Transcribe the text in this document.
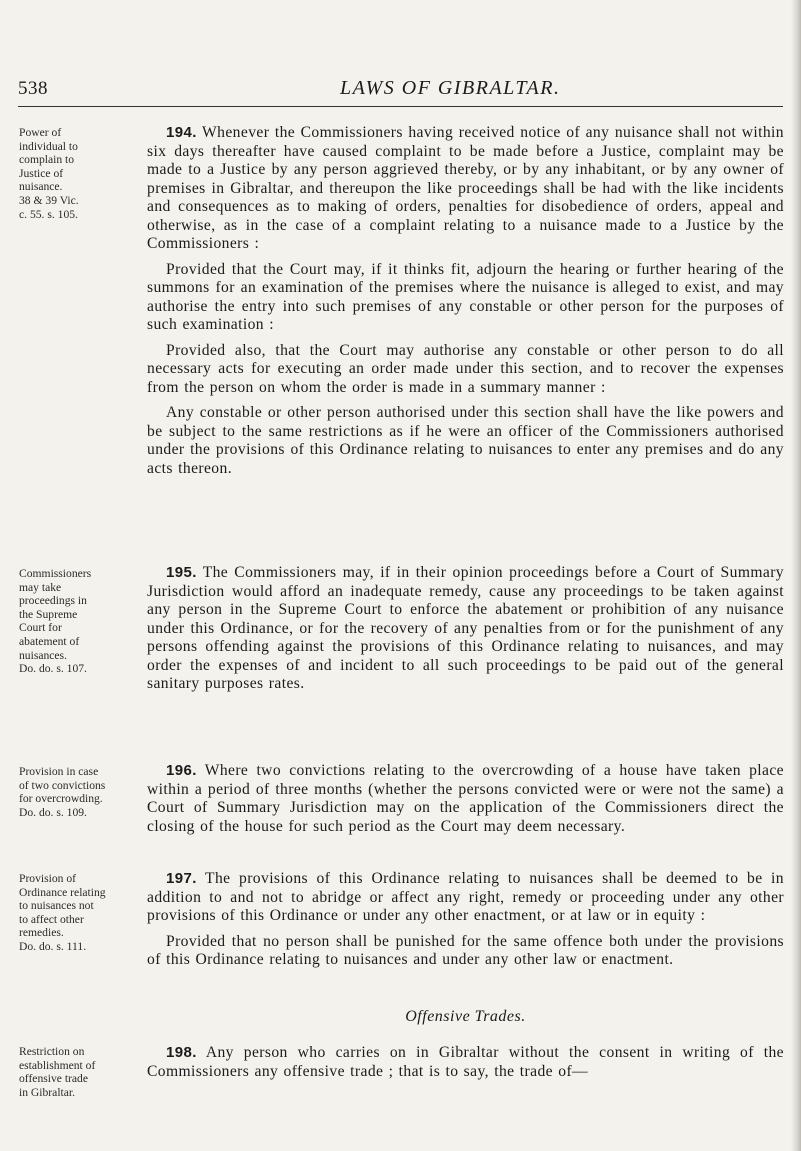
538	LAWS OF GIBRALTAR.
Power of
individual to
complain to
Justice of
nuisance.
38 & 39 Vic.
c. 55. s. 105.
Commissioners
may take
proceedings in
the Supreme
Court for
abatement of
nuisances.
Do. do. s. 107.
Provision in case
of two convictions
for overcrowding.
Do. do. s. 109.
Provision of
Ordinance relating
to nuisances not
to affect other
remedies.
Do. do. s. 111.
Restriction on
establishment of
offensive trade
in Gibraltar.

194. Whenever the Commissioners having received notice of any nuisance shall not within six days thereafter have caused complaint to be made before a Justice, complaint may be made to a Justice by any person aggrieved thereby, or by any inhabitant, or by any owner of premises in Gibraltar, and thereupon the like proceedings shall be had with the like incidents and consequences as to making of orders, penalties for disobedience of orders, appeal and otherwise, as in the case of a complaint relating to a nuisance made to a Justice by the Commissioners :

Provided that the Court may, if it thinks fit, adjourn the hearing or further hearing of the summons for an examination of the premises where the nuisance is alleged to exist, and may authorise the entry into such premises of any constable or other person for the purposes of such examination :

Provided also, that the Court may authorise any constable or other person to do all necessary acts for executing an order made under this section, and to recover the expenses from the person on whom the order is made in a summary manner :

Any constable or other person authorised under this section shall have the like powers and be subject to the same restrictions as if he were an officer of the Commissioners authorised under the provisions of this Ordinance relating to nuisances to enter any premises and do any acts thereon.

195. The Commissioners may, if in their opinion proceedings before a Court of Summary Jurisdiction would afford an inadequate remedy, cause any proceedings to be taken against any person in the Supreme Court to enforce the abatement or prohibition of any nuisance under this Ordinance, or for the recovery of any penalties from or for the punishment of any persons offending against the provisions of this Ordinance relating to nuisances, and may order the expenses of and incident to all such proceedings to be paid out of the general sanitary purposes rates.

196. Where two convictions relating to the overcrowding of a house have taken place within a period of three months (whether the persons convicted were or were not the same) a Court of Summary Jurisdiction may on the application of the Commissioners direct the closing of the house for such period as the Court may deem necessary.

197. The provisions of this Ordinance relating to nuisances shall be deemed to be in addition to and not to abridge or affect any right, remedy or proceeding under any other provisions of this Ordinance or under any other enactment, or at law or in equity :

Provided that no person shall be punished for the same offence both under the provisions of this Ordinance relating to nuisances and under any other law or enactment.

Offensive Trades.

198. Any person who carries on in Gibraltar without the consent in writing of the Commissioners any offensive trade ; that is to say, the trade of—
